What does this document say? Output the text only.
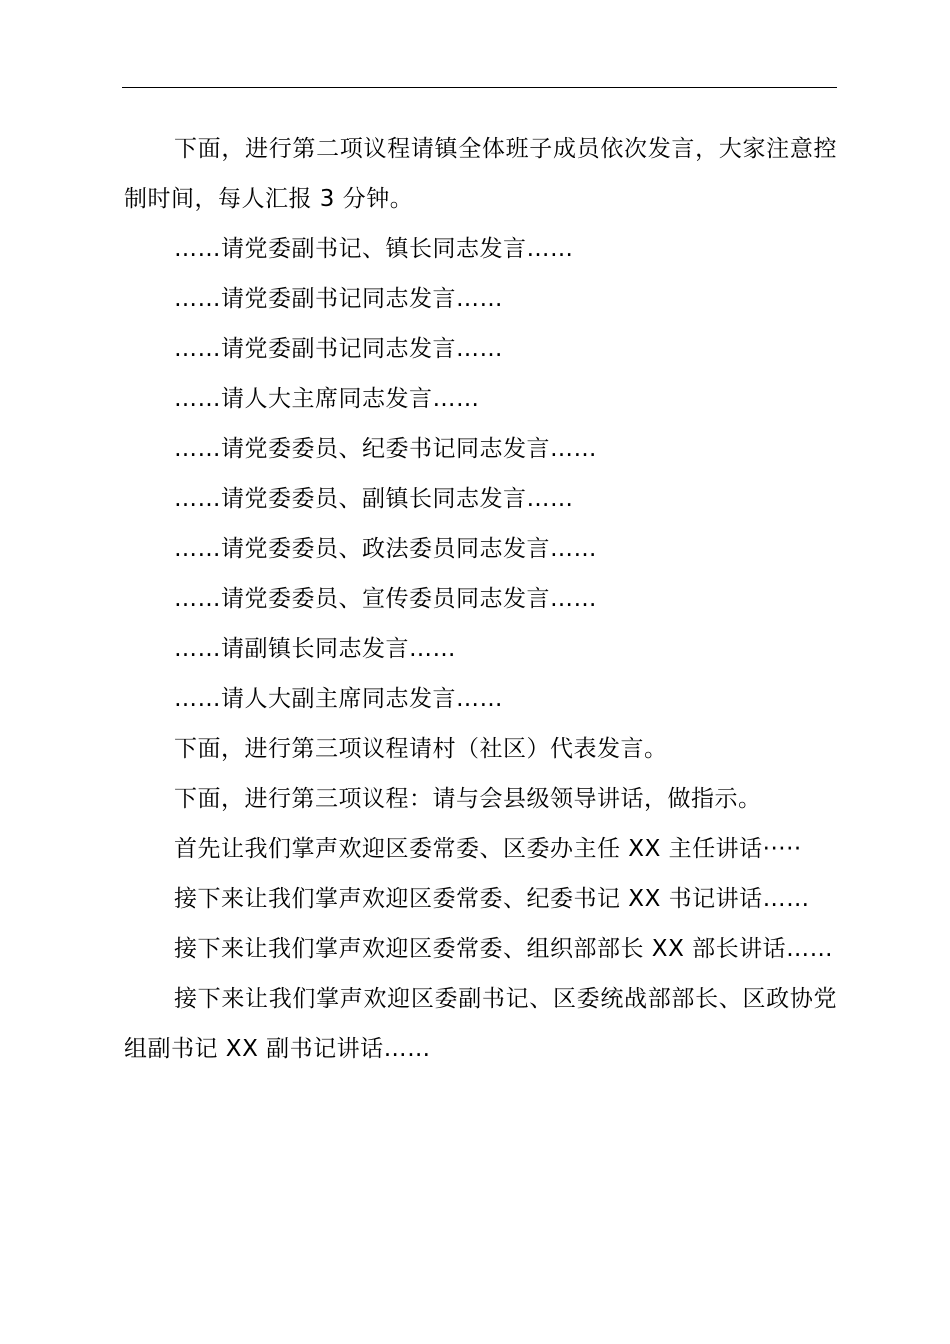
下面，进行第二项议程请镇全体班子成员依次发言，大家注意控制时间，每人汇报 3 分钟。

……请党委副书记、镇长同志发言……

……请党委副书记同志发言……

……请党委副书记同志发言……

……请人大主席同志发言……

……请党委委员、纪委书记同志发言……

……请党委委员、副镇长同志发言……

……请党委委员、政法委员同志发言……

……请党委委员、宣传委员同志发言……

……请副镇长同志发言……

……请人大副主席同志发言……

下面，进行第三项议程请村（社区）代表发言。

下面，进行第三项议程：请与会县级领导讲话，做指示。

首先让我们掌声欢迎区委常委、区委办主任 XX 主任讲话·····

接下来让我们掌声欢迎区委常委、纪委书记 XX 书记讲话……

接下来让我们掌声欢迎区委常委、组织部部长 XX 部长讲话……

接下来让我们掌声欢迎区委副书记、区委统战部部长、区政协党组副书记 XX 副书记讲话……
